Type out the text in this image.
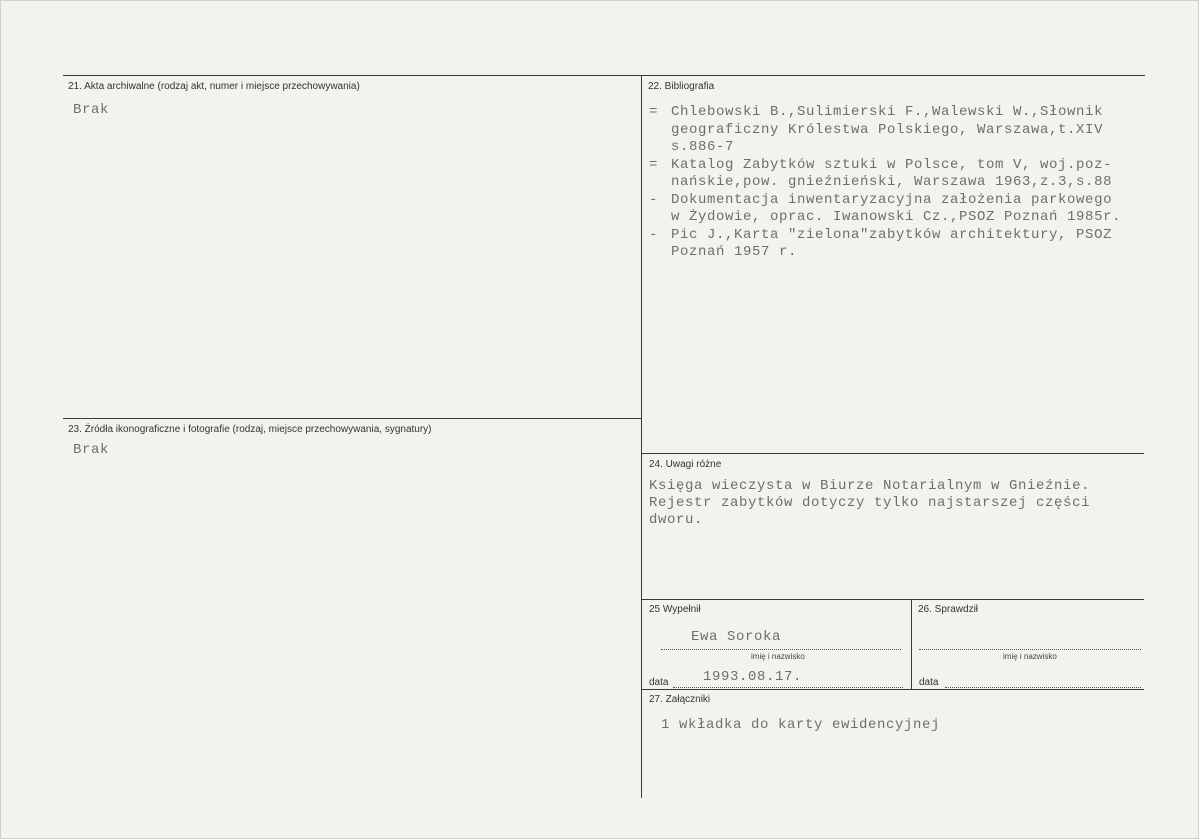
21. Akta archiwalne (rodzaj akt, numer i miejsce przechowywania)
Brak
22. Bibliografia
= Chlebowski B.,Sulimierski F.,Walewski W.,Słownik
geograficzny Królestwa Polskiego, Warszawa,t.XIV
s.886-7
= Katalog Zabytków sztuki w Polsce, tom V, woj.poz-
nańskie,pow. gnieźnieński, Warszawa 1963,z.3,s.88
- Dokumentacja inwentaryzacyjna założenia parkowego
w Żydowie, oprac. Iwanowski Cz.,PSOZ Poznań 1985r.
- Pic J.,Karta "zielona"zabytków architektury, PSOZ
Poznań 1957 r.
23. Źródła ikonograficzne i fotografie (rodzaj, miejsce przechowywania, sygnatury)
Brak
24. Uwagi różne
Księga wieczysta w Biurze Notarialnym w Gnieźnie.
Rejestr zabytków dotyczy tylko najstarszej części
dworu.
25 Wypełnił
Ewa Soroka
imię i nazwisko
data 1993.08.17.
26. Sprawdził
imię i nazwisko
data
27. Załączniki
1 wkładka do karty ewidencyjnej
